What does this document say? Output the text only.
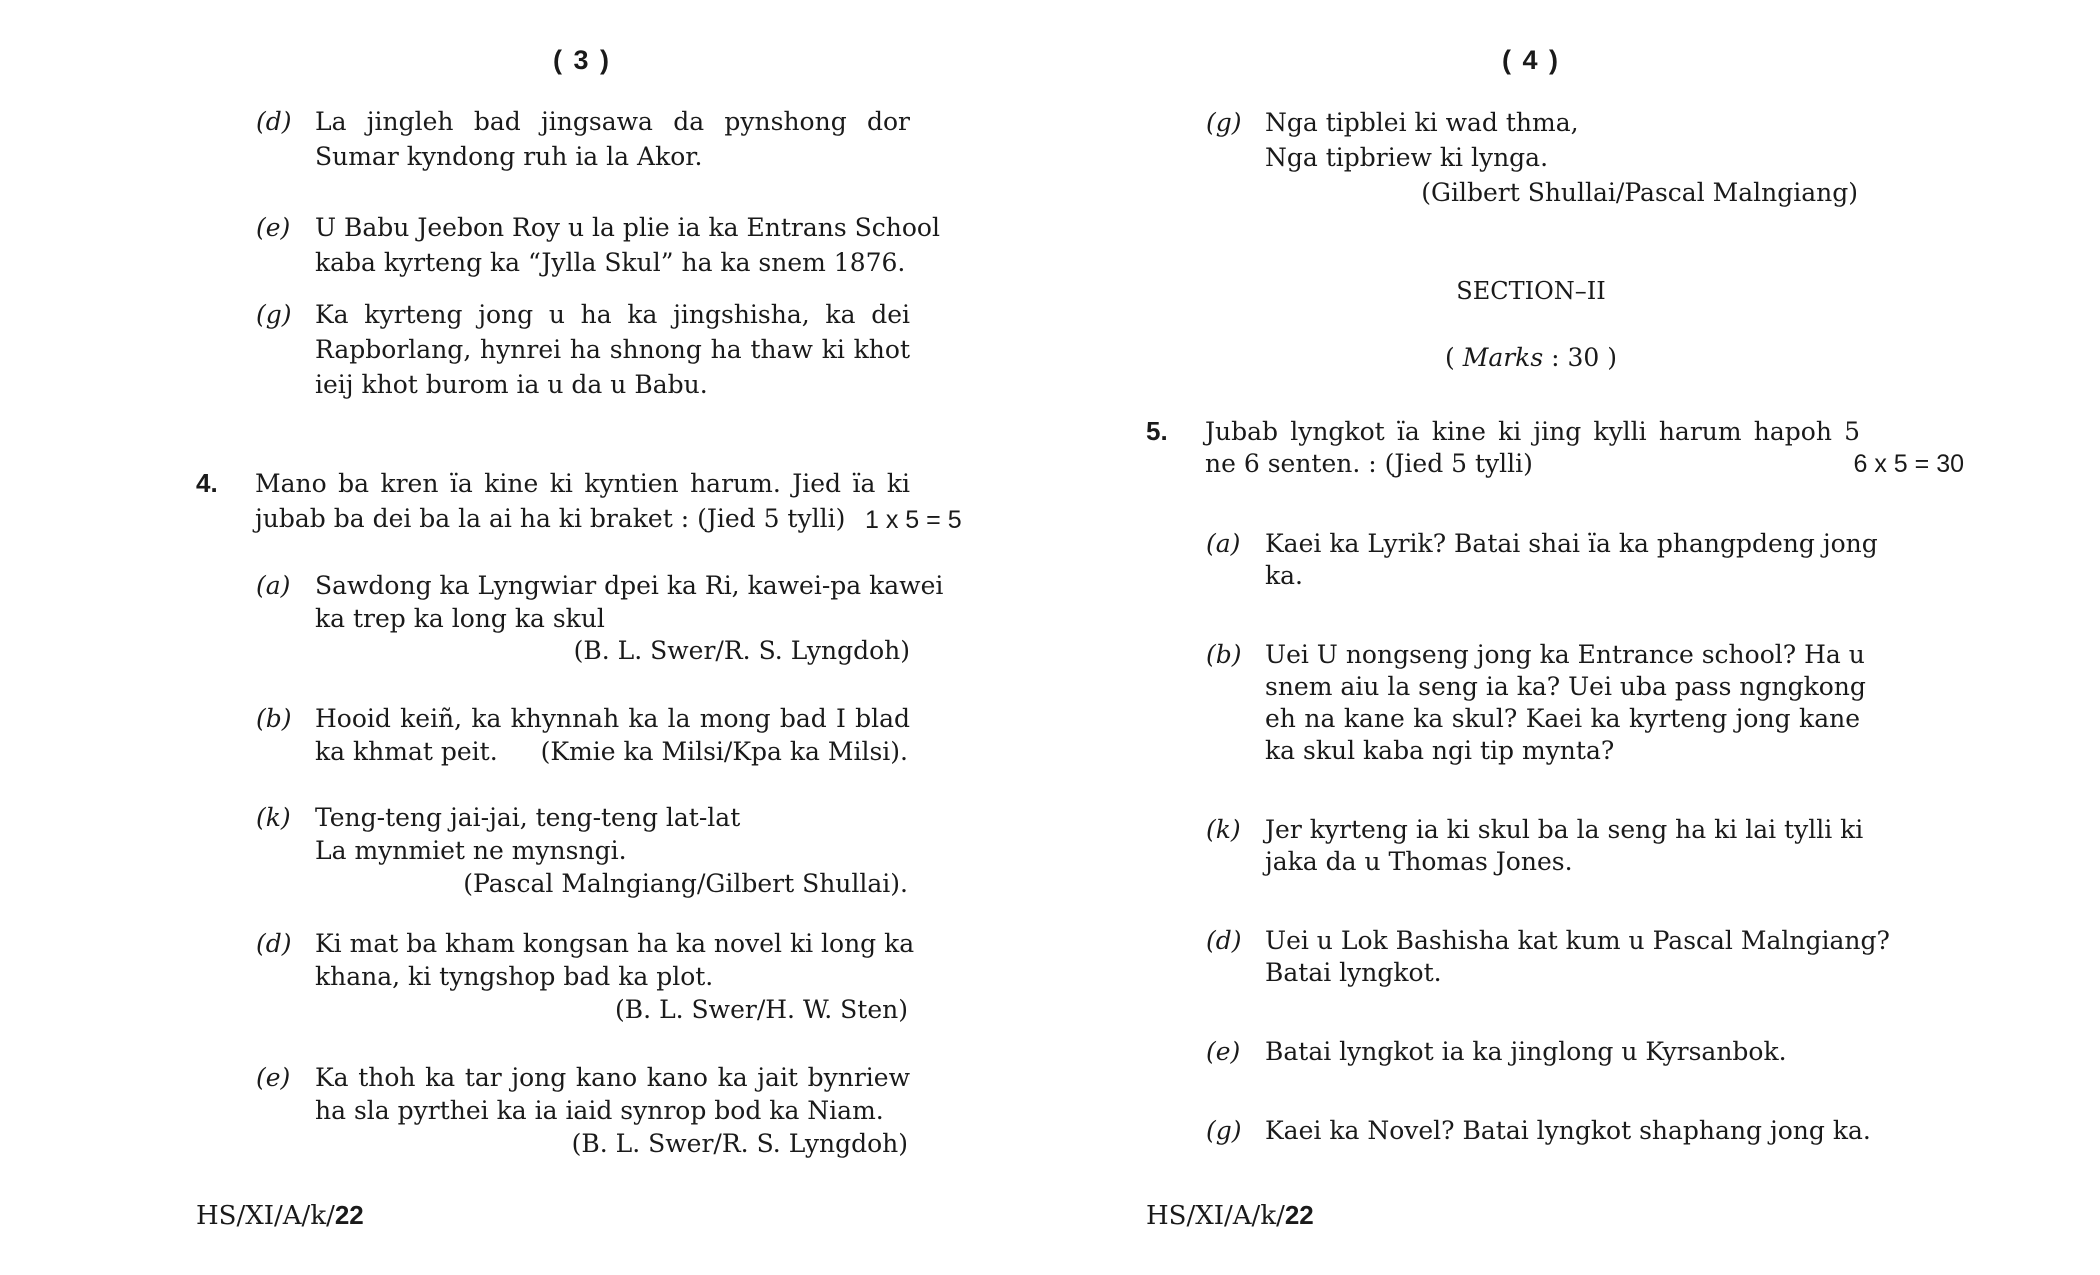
( 3 )
(d) La jingleh bad jingsawa da pynshong dor
Sumar kyndong ruh ia la Akor.
(e) U Babu Jeebon Roy u la plie ia ka Entrans School
kaba kyrteng ka “Jylla Skul” ha ka snem 1876.
(g) Ka kyrteng jong u ha ka jingshisha, ka dei
Rapborlang, hynrei ha shnong ha thaw ki khot
ieij khot burom ia u da u Babu.
4. Mano ba kren ïa kine ki kyntien harum. Jied ïa ki
jubab ba dei ba la ai ha ki braket : (Jied 5 tylli) 1 x 5 = 5
(a) Sawdong ka Lyngwiar dpei ka Ri, kawei-pa kawei
ka trep ka long ka skul
(B. L. Swer/R. S. Lyngdoh)
(b) Hooid keiñ, ka khynnah ka la mong bad I blad
ka khmat peit.	(Kmie ka Milsi/Kpa ka Milsi).
(k) Teng-teng jai-jai, teng-teng lat-lat
La mynmiet ne mynsngi.
(Pascal Malngiang/Gilbert Shullai).
(d) Ki mat ba kham kongsan ha ka novel ki long ka
khana, ki tyngshop bad ka plot.
(B. L. Swer/H. W. Sten)
(e) Ka thoh ka tar jong kano kano ka jait bynriew
ha sla pyrthei ka ia iaid synrop bod ka Niam.
(B. L. Swer/R. S. Lyngdoh)
HS/XI/A/k/22
( 4 )
(g) Nga tipblei ki wad thma,
Nga tipbriew ki lynga.
(Gilbert Shullai/Pascal Malngiang)
SECTION–II
( Marks : 30 )
5. Jubab lyngkot ïa kine ki jing kylli harum hapoh 5
ne 6 senten. : (Jied 5 tylli)	6 x 5 = 30
(a) Kaei ka Lyrik? Batai shai ïa ka phangpdeng jong
ka.
(b) Uei U nongseng jong ka Entrance school? Ha u
snem aiu la seng ia ka? Uei uba pass ngngkong
eh na kane ka skul? Kaei ka kyrteng jong kane
ka skul kaba ngi tip mynta?
(k) Jer kyrteng ia ki skul ba la seng ha ki lai tylli ki
jaka da u Thomas Jones.
(d) Uei u Lok Bashisha kat kum u Pascal Malngiang?
Batai lyngkot.
(e) Batai lyngkot ia ka jinglong u Kyrsanbok.
(g) Kaei ka Novel? Batai lyngkot shaphang jong ka.
HS/XI/A/k/22
